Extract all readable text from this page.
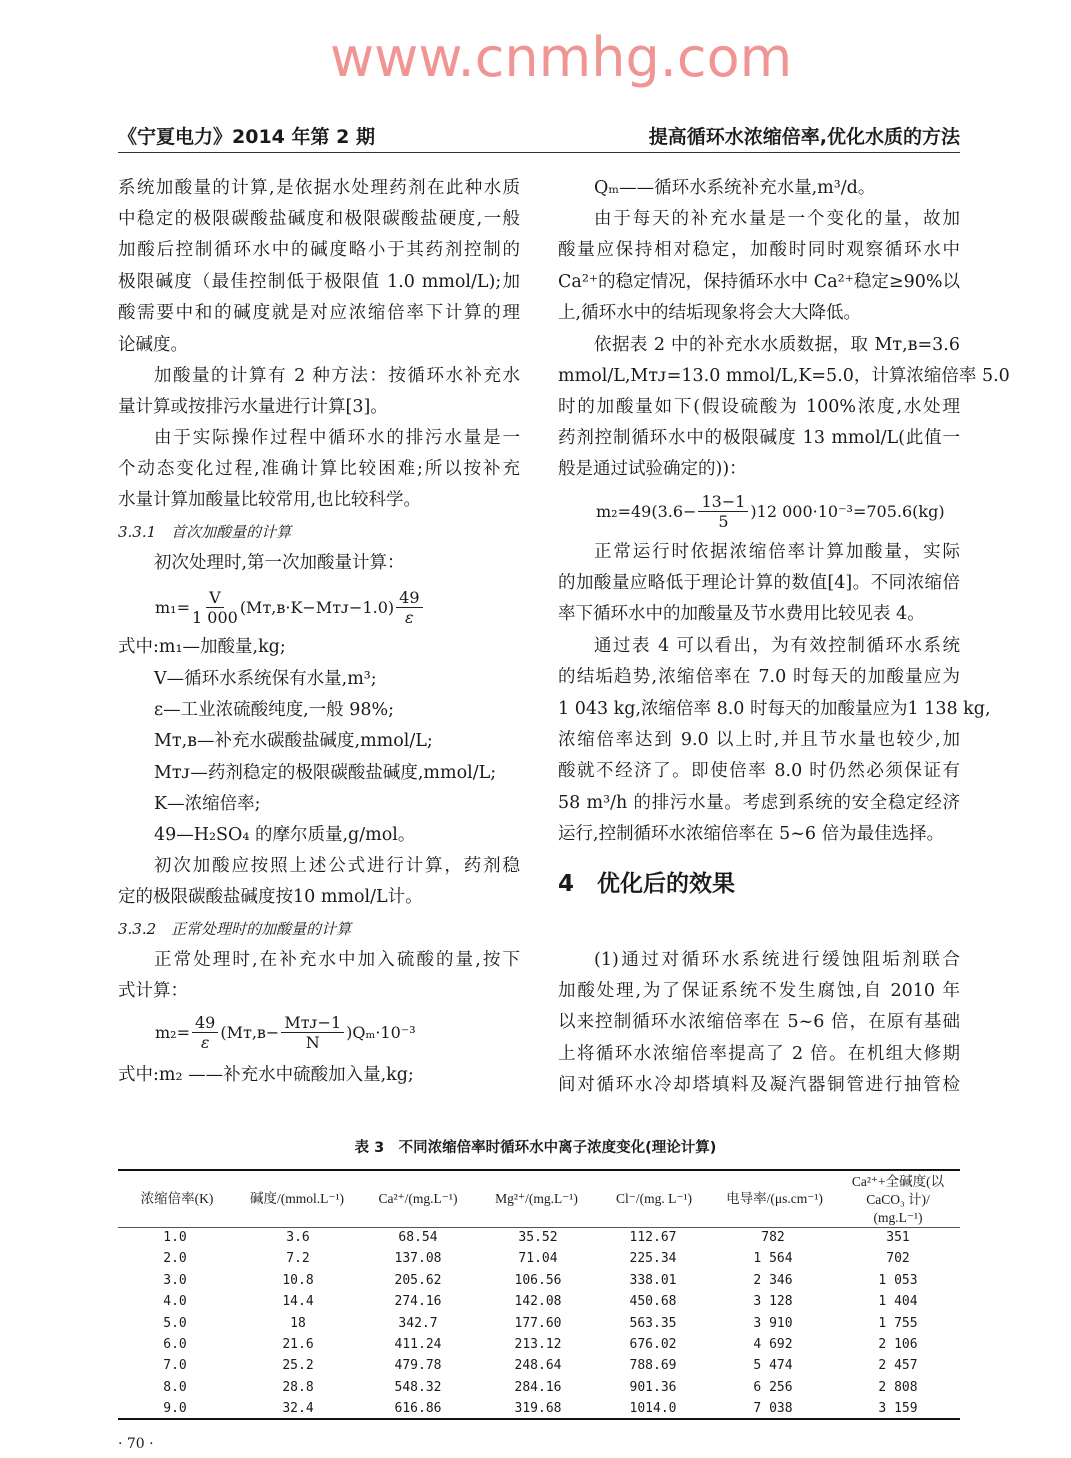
www.cnmhg.com
《宁夏电力》2014 年第 2 期	提高循环水浓缩倍率,优化水质的方法
系统加酸量的计算,是依据水处理药剂在此种水质
中稳定的极限碳酸盐碱度和极限碳酸盐硬度,一般
加酸后控制循环水中的碱度略小于其药剂控制的
极限碱度（最佳控制低于极限值 1.0 mmol/L);加
酸需要中和的碱度就是对应浓缩倍率下计算的理
论碱度。
加酸量的计算有 2 种方法：按循环水补充水
量计算或按排污水量进行计算[3]。
由于实际操作过程中循环水的排污水量是一
个动态变化过程,准确计算比较困难;所以按补充
水量计算加酸量比较常用,也比较科学。
3.3.1　首次加酸量的计算
初次处理时,第一次加酸量计算：
式中:m₁—加酸量,kg;
V—循环水系统保有水量,m³;
ε—工业浓硫酸纯度,一般 98%;
Mᴛ,ʙ—补充水碳酸盐碱度,mmol/L;
Mᴛᴊ—药剂稳定的极限碳酸盐碱度,mmol/L;
K—浓缩倍率;
49—H₂SO₄ 的摩尔质量,g/mol。
初次加酸应按照上述公式进行计算，药剂稳
定的极限碳酸盐碱度按10 mmol/L计。
3.3.2　正常处理时的加酸量的计算
正常处理时,在补充水中加入硫酸的量,按下
式计算：
式中:m₂ ——补充水中硫酸加入量,kg;
Qₘ——循环水系统补充水量,m³/d。
由于每天的补充水量是一个变化的量，故加
酸量应保持相对稳定，加酸时同时观察循环水中
Ca²⁺的稳定情况，保持循环水中 Ca²⁺稳定≥90%以
上,循环水中的结垢现象将会大大降低。
依据表 2 中的补充水水质数据，取 Mᴛ,ʙ=3.6
mmol/L,Mᴛᴊ=13.0 mmol/L,K=5.0，计算浓缩倍率 5.0
时的加酸量如下(假设硫酸为 100%浓度,水处理
药剂控制循环水中的极限碱度 13 mmol/L(此值一
般是通过试验确定的))：
正常运行时依据浓缩倍率计算加酸量，实际
的加酸量应略低于理论计算的数值[4]。不同浓缩倍
率下循环水中的加酸量及节水费用比较见表 4。
通过表 4 可以看出，为有效控制循环水系统
的结垢趋势,浓缩倍率在 7.0 时每天的加酸量应为
1 043 kg,浓缩倍率 8.0 时每天的加酸量应为1 138 kg,
浓缩倍率达到 9.0 以上时,并且节水量也较少,加
酸就不经济了。即使倍率 8.0 时仍然必须保证有
58 m³/h 的排污水量。考虑到系统的安全稳定经济
运行,控制循环水浓缩倍率在 5~6 倍为最佳选择。
4　优化后的效果
(1)通过对循环水系统进行缓蚀阻垢剂联合
加酸处理,为了保证系统不发生腐蚀,自 2010 年
以来控制循环水浓缩倍率在 5~6 倍，在原有基础
上将循环水浓缩倍率提高了 2 倍。在机组大修期
间对循环水冷却塔填料及凝汽器铜管进行抽管检
$m_1= \frac{V}{1 000}$ (Mᴛ,ʙ·K−Mᴛᴊ−1.0) $\frac{49}{\varepsilon}$
$m_2= \frac{49}{\varepsilon}$ (Mᴛ,ʙ− $\frac{\text{Mᴛᴊ−1}}{N} )Q_m\cdot 10^{-3}$
$m_2=49(3.6- \frac{13-1}{5} )12$ 000·10⁻³=705.6(kg)
表 3　不同浓缩倍率时循环水中离子浓度变化(理论计算)
浓缩倍率(K)	碱度/(mmol.L⁻¹)	Ca²⁺/(mg.L⁻¹)	Mg²⁺/(mg.L⁻¹)	Cl⁻/(mg. L⁻¹)	电导率/(μs.cm⁻¹)
Ca²⁺+全碱度(以
CaCO₃ 计)/
(mg.L⁻¹)
1.0	3.6	68.54	35.52	112.67	782	351
2.0	7.2	137.08	71.04	225.34	1 564	702
3.0	10.8	205.62	106.56	338.01	2 346	1 053
4.0	14.4	274.16	142.08	450.68	3 128	1 404
5.0	18	342.7	177.60	563.35	3 910	1 755
6.0	21.6	411.24	213.12	676.02	4 692	2 106
7.0	25.2	479.78	248.64	788.69	5 474	2 457
8.0	28.8	548.32	284.16	901.36	6 256	2 808
9.0	32.4	616.86	319.68	1014.0	7 038	3 159
· 70 ·
